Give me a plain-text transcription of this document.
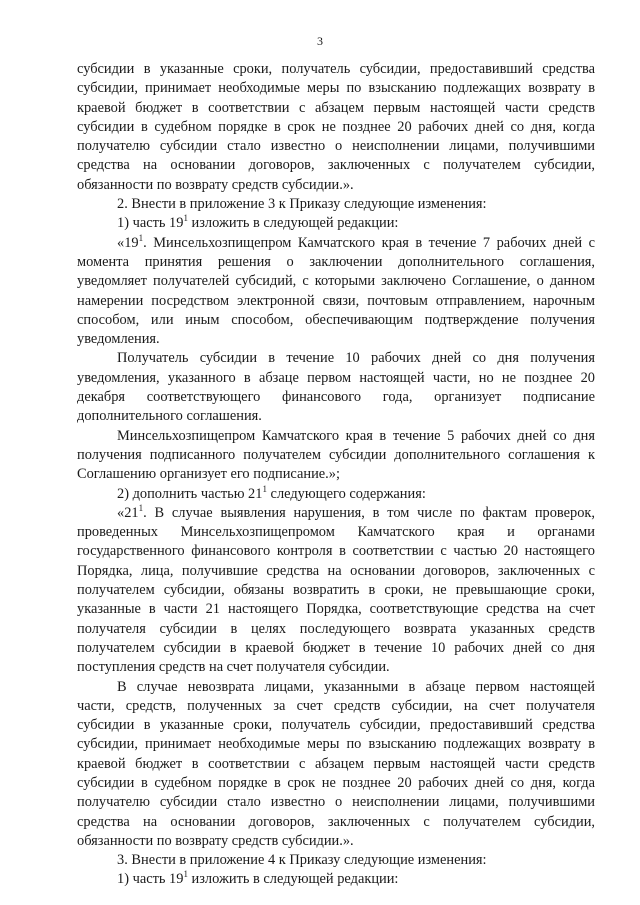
3
субсидии в указанные сроки, получатель субсидии, предоставивший средства
субсидии, принимает необходимые меры по взысканию подлежащих возврату в
краевой бюджет в соответствии с абзацем первым настоящей части средств
субсидии в судебном порядке в срок не позднее 20 рабочих дней со дня, когда
получателю субсидии стало известно о неисполнении лицами, получившими
средства на основании договоров, заключенных с получателем субсидии,
обязанности по возврату средств субсидии.».
2. Внести в приложение 3 к Приказу следующие изменения:
1) часть $19^1$ изложить в следующей редакции:
«$19^1$. Минсельхозпищепром Камчатского края в течение 7 рабочих дней с
момента принятия решения о заключении дополнительного соглашения,
уведомляет получателей субсидий, с которыми заключено Соглашение, о данном
намерении посредством электронной связи, почтовым отправлением, нарочным
способом, или иным способом, обеспечивающим подтверждение получения
уведомления.
Получатель субсидии в течение 10 рабочих дней со дня получения
уведомления, указанного в абзаце первом настоящей части, но не позднее 20
декабря соответствующего финансового года, организует подписание
дополнительного соглашения.
Минсельхозпищепром Камчатского края в течение 5 рабочих дней со дня
получения подписанного получателем субсидии дополнительного соглашения к
Соглашению организует его подписание.»;
2) дополнить частью $21^1$ следующего содержания:
«$21^1$. В случае выявления нарушения, в том числе по фактам проверок,
проведенных Минсельхозпищепромом Камчатского края и органами
государственного финансового контроля в соответствии с частью 20 настоящего
Порядка, лица, получившие средства на основании договоров, заключенных с
получателем субсидии, обязаны возвратить в сроки, не превышающие сроки,
указанные в части 21 настоящего Порядка, соответствующие средства на счет
получателя субсидии в целях последующего возврата указанных средств
получателем субсидии в краевой бюджет в течение 10 рабочих дней со дня
поступления средств на счет получателя субсидии.
В случае невозврата лицами, указанными в абзаце первом настоящей
части, средств, полученных за счет средств субсидии, на счет получателя
субсидии в указанные сроки, получатель субсидии, предоставивший средства
субсидии, принимает необходимые меры по взысканию подлежащих возврату в
краевой бюджет в соответствии с абзацем первым настоящей части средств
субсидии в судебном порядке в срок не позднее 20 рабочих дней со дня, когда
получателю субсидии стало известно о неисполнении лицами, получившими
средства на основании договоров, заключенных с получателем субсидии,
обязанности по возврату средств субсидии.».
3. Внести в приложение 4 к Приказу следующие изменения:
1) часть $19^1$ изложить в следующей редакции:
